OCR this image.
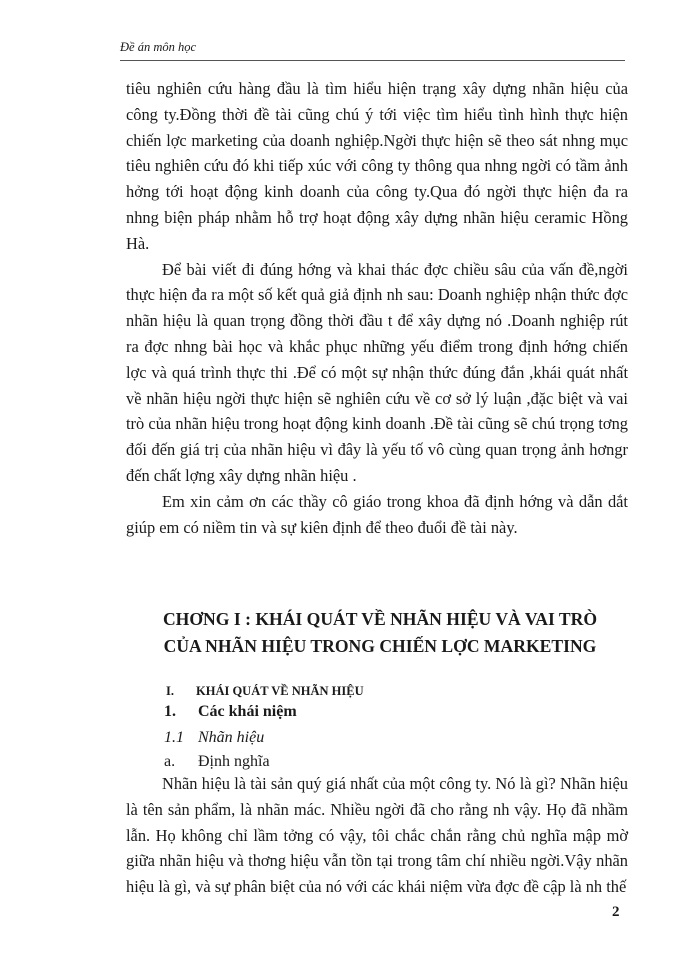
Đề án môn học

tiêu nghiên cứu hàng đầu là tìm hiểu hiện trạng xây dựng nhãn hiệu của công ty.Đồng thời đề tài cũng chú ý tới việc tìm hiểu tình hình thực hiện chiến lợc marketing của doanh nghiệp.Ngời thực hiện sẽ theo sát nhng mục tiêu nghiên cứu đó khi tiếp xúc với công ty thông qua nhng ngời có tầm ảnh hởng tới hoạt động kinh doanh của công ty.Qua đó ngời thực hiện đa ra nhng biện pháp nhằm hỗ trợ hoạt động xây dựng nhãn hiệu ceramic Hồng Hà.

Để bài viết đi đúng hớng và khai thác đợc chiều sâu của vấn đề,ngời thực hiện đa ra một số kết quả giả định nh sau: Doanh nghiệp nhận thức đợc nhãn hiệu là quan trọng đồng thời đầu t để xây dựng nó .Doanh nghiệp rút ra đợc nhng bài học và khắc phục những yếu điểm trong định hớng chiến lợc và quá trình thực thi .Để có một sự nhận thức đúng đắn ,khái quát nhất về nhãn hiệu ngời thực hiện sẽ nghiên cứu về cơ sở lý luận ,đặc biệt và vai trò của nhãn hiệu trong hoạt động kinh doanh .Đề tài cũng sẽ chú trọng tơng đối đến giá trị của nhãn hiệu vì đây là yếu tố vô cùng quan trọng ảnh hơngr đến chất lợng xây dựng nhãn hiệu .

Em xin cảm ơn các thầy cô giáo trong khoa đã định hớng và dẫn dắt giúp em có niềm tin và sự kiên định để theo đuổi đề tài này.

CHƠNG I : KHÁI QUÁT VỀ NHÃN HIỆU VÀ VAI TRÒ
CỦA NHÃN HIỆU TRONG CHIẾN LỢC MARKETING
I. KHÁI QUÁT VỀ NHÃN HIỆU
1. Các khái niệm
1.1 Nhãn hiệu
a. Định nghĩa

Nhãn hiệu là tài sản quý giá nhất của một công ty. Nó là gì? Nhãn hiệu là tên sản phẩm, là nhãn mác. Nhiều ngời đã cho rằng nh vậy. Họ đã nhầm lẫn. Họ không chỉ lầm tởng có vậy, tôi chắc chắn rằng chủ nghĩa mập mờ giữa nhãn hiệu và thơng hiệu vẫn tồn tại trong tâm chí nhiều ngời.Vậy nhãn hiệu là gì, và sự phân biệt của nó với các khái niệm vừa đợc đề cập là nh thế

2
